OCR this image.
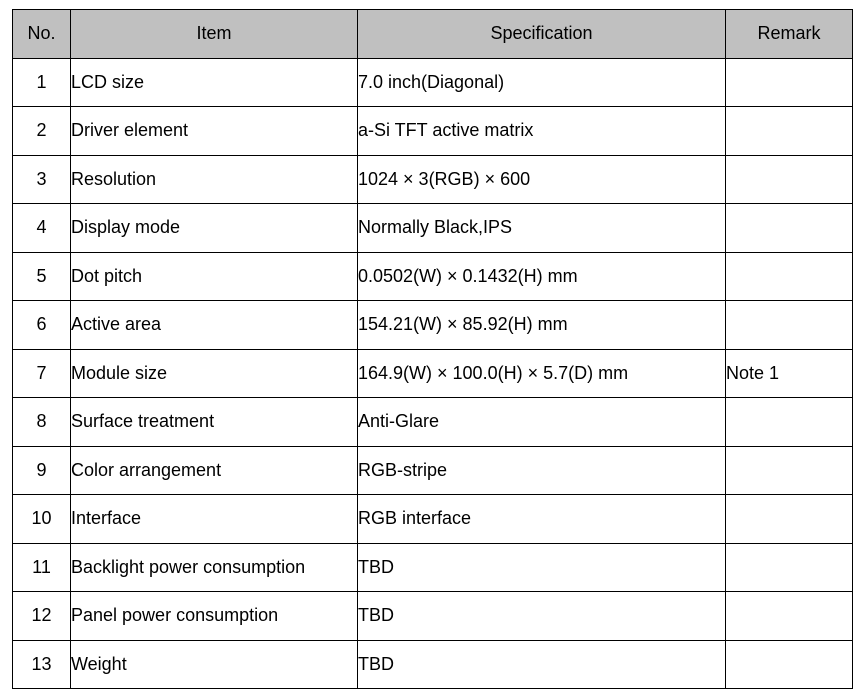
No.	Item	Specification	Remark
1	LCD size	7.0 inch(Diagonal)	
2	Driver element	a-Si TFT active matrix	
3	Resolution	1024 × 3(RGB) × 600	
4	Display mode	Normally Black,IPS	
5	Dot pitch	0.0502(W) × 0.1432(H) mm	
6	Active area	154.21(W) × 85.92(H) mm	
7	Module size	164.9(W) × 100.0(H) × 5.7(D) mm	Note 1
8	Surface treatment	Anti-Glare	
9	Color arrangement	RGB-stripe	
10	Interface	RGB interface	
11	Backlight power consumption	TBD	
12	Panel power consumption	TBD	
13	Weight	TBD	
